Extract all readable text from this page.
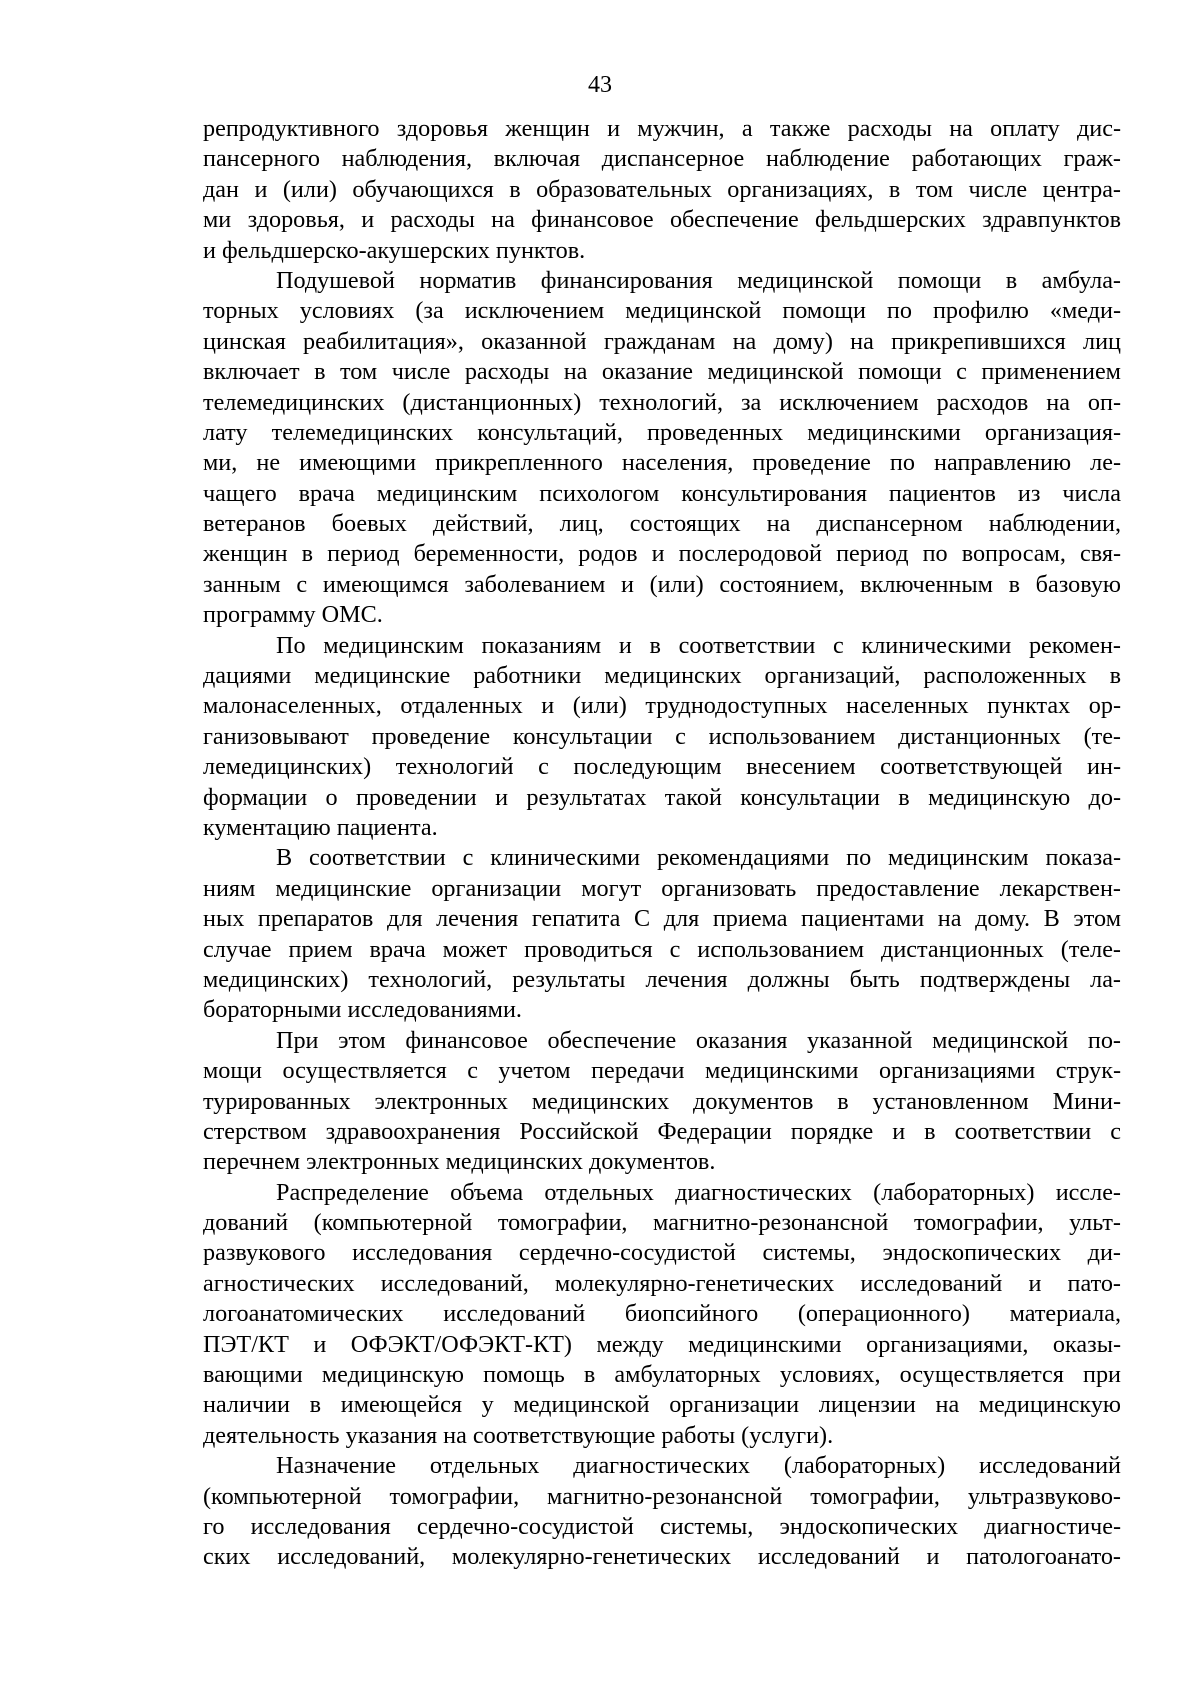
43
репродуктивного здоровья женщин и мужчин, а также расходы на оплату дис-
пансерного наблюдения, включая диспансерное наблюдение работающих граж-
дан и (или) обучающихся в образовательных организациях, в том числе центра-
ми здоровья, и расходы на финансовое обеспечение фельдшерских здравпунктов
и фельдшерско-акушерских пунктов.
Подушевой норматив финансирования медицинской помощи в амбула-
торных условиях (за исключением медицинской помощи по профилю «меди-
цинская реабилитация», оказанной гражданам на дому) на прикрепившихся лиц
включает в том числе расходы на оказание медицинской помощи с применением
телемедицинских (дистанционных) технологий, за исключением расходов на оп-
лату телемедицинских консультаций, проведенных медицинскими организация-
ми, не имеющими прикрепленного населения, проведение по направлению ле-
чащего врача медицинским психологом консультирования пациентов из числа
ветеранов боевых действий, лиц, состоящих на диспансерном наблюдении,
женщин в период беременности, родов и послеродовой период по вопросам, свя-
занным с имеющимся заболеванием и (или) состоянием, включенным в базовую
программу ОМС.
По медицинским показаниям и в соответствии с клиническими рекомен-
дациями медицинские работники медицинских организаций, расположенных в
малонаселенных, отдаленных и (или) труднодоступных населенных пунктах ор-
ганизовывают проведение консультации с использованием дистанционных (те-
лемедицинских) технологий с последующим внесением соответствующей ин-
формации о проведении и результатах такой консультации в медицинскую до-
кументацию пациента.
В соответствии с клиническими рекомендациями по медицинским показа-
ниям медицинские организации могут организовать предоставление лекарствен-
ных препаратов для лечения гепатита С для приема пациентами на дому. В этом
случае прием врача может проводиться с использованием дистанционных (теле-
медицинских) технологий, результаты лечения должны быть подтверждены ла-
бораторными исследованиями.
При этом финансовое обеспечение оказания указанной медицинской по-
мощи осуществляется с учетом передачи медицинскими организациями струк-
турированных электронных медицинских документов в установленном Мини-
стерством здравоохранения Российской Федерации порядке и в соответствии с
перечнем электронных медицинских документов.
Распределение объема отдельных диагностических (лабораторных) иссле-
дований (компьютерной томографии, магнитно-резонансной томографии, ульт-
развукового исследования сердечно-сосудистой системы, эндоскопических ди-
агностических исследований, молекулярно-генетических исследований и пато-
логоанатомических исследований биопсийного (операционного) материала,
ПЭТ/КТ и ОФЭКТ/ОФЭКТ-КТ) между медицинскими организациями, оказы-
вающими медицинскую помощь в амбулаторных условиях, осуществляется при
наличии в имеющейся у медицинской организации лицензии на медицинскую
деятельность указания на соответствующие работы (услуги).
Назначение отдельных диагностических (лабораторных) исследований
(компьютерной томографии, магнитно-резонансной томографии, ультразвуково-
го исследования сердечно-сосудистой системы, эндоскопических диагностиче-
ских исследований, молекулярно-генетических исследований и патологоанато-
